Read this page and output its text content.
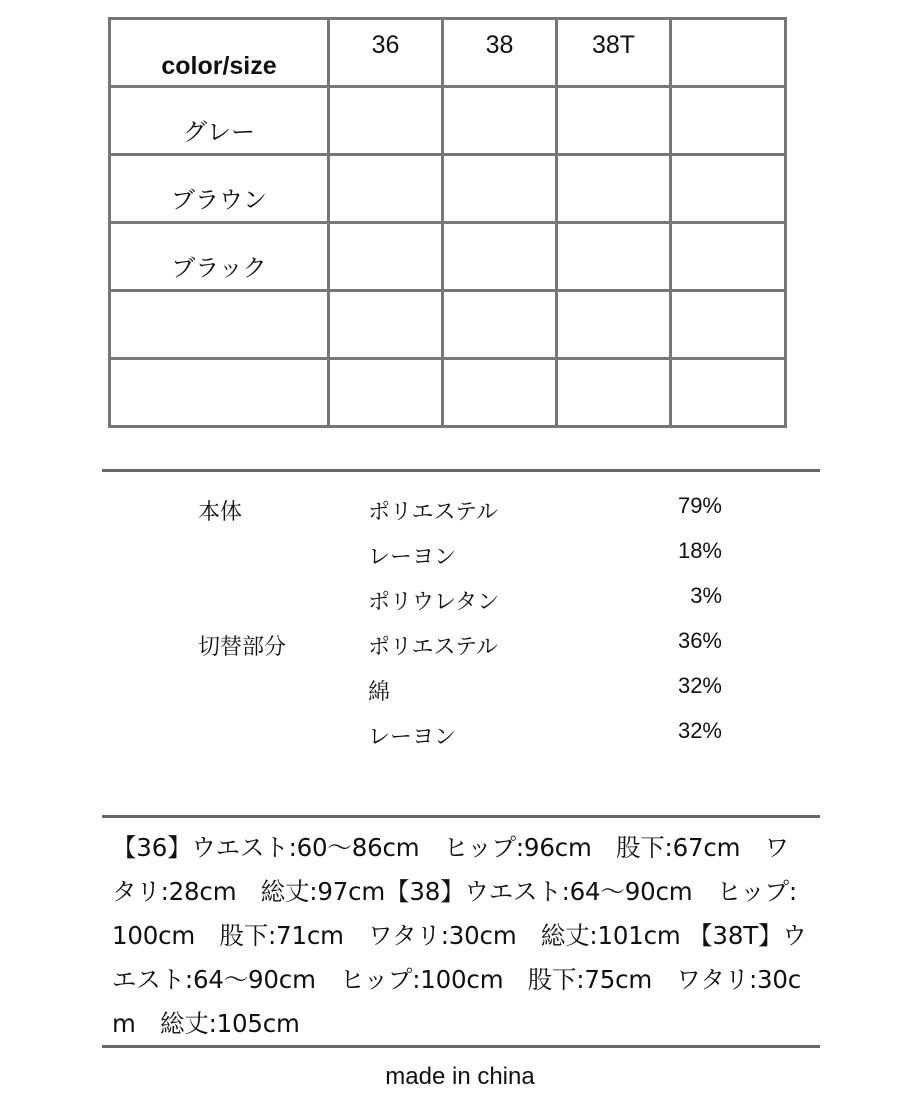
color/size	36	38	38T	

グレー				

ブラウン				

ブラック				

本体	ポリエステル	79%
レーヨン	18%
ポリウレタン	3%
切替部分	ポリエステル	36%
綿	32%
レーヨン	32%
【36】ウエスト:60～86cm　ヒップ:96cm　股下:67cm　ワタリ:28cm　総丈:97cm【38】ウエスト:64～90cm　ヒップ:100cm　股下:71cm　ワタリ:30cm　総丈:101cm 【38T】ウエスト:64～90cm　ヒップ:100cm　股下:75cm　ワタリ:30cm　総丈:105cm
made in china
